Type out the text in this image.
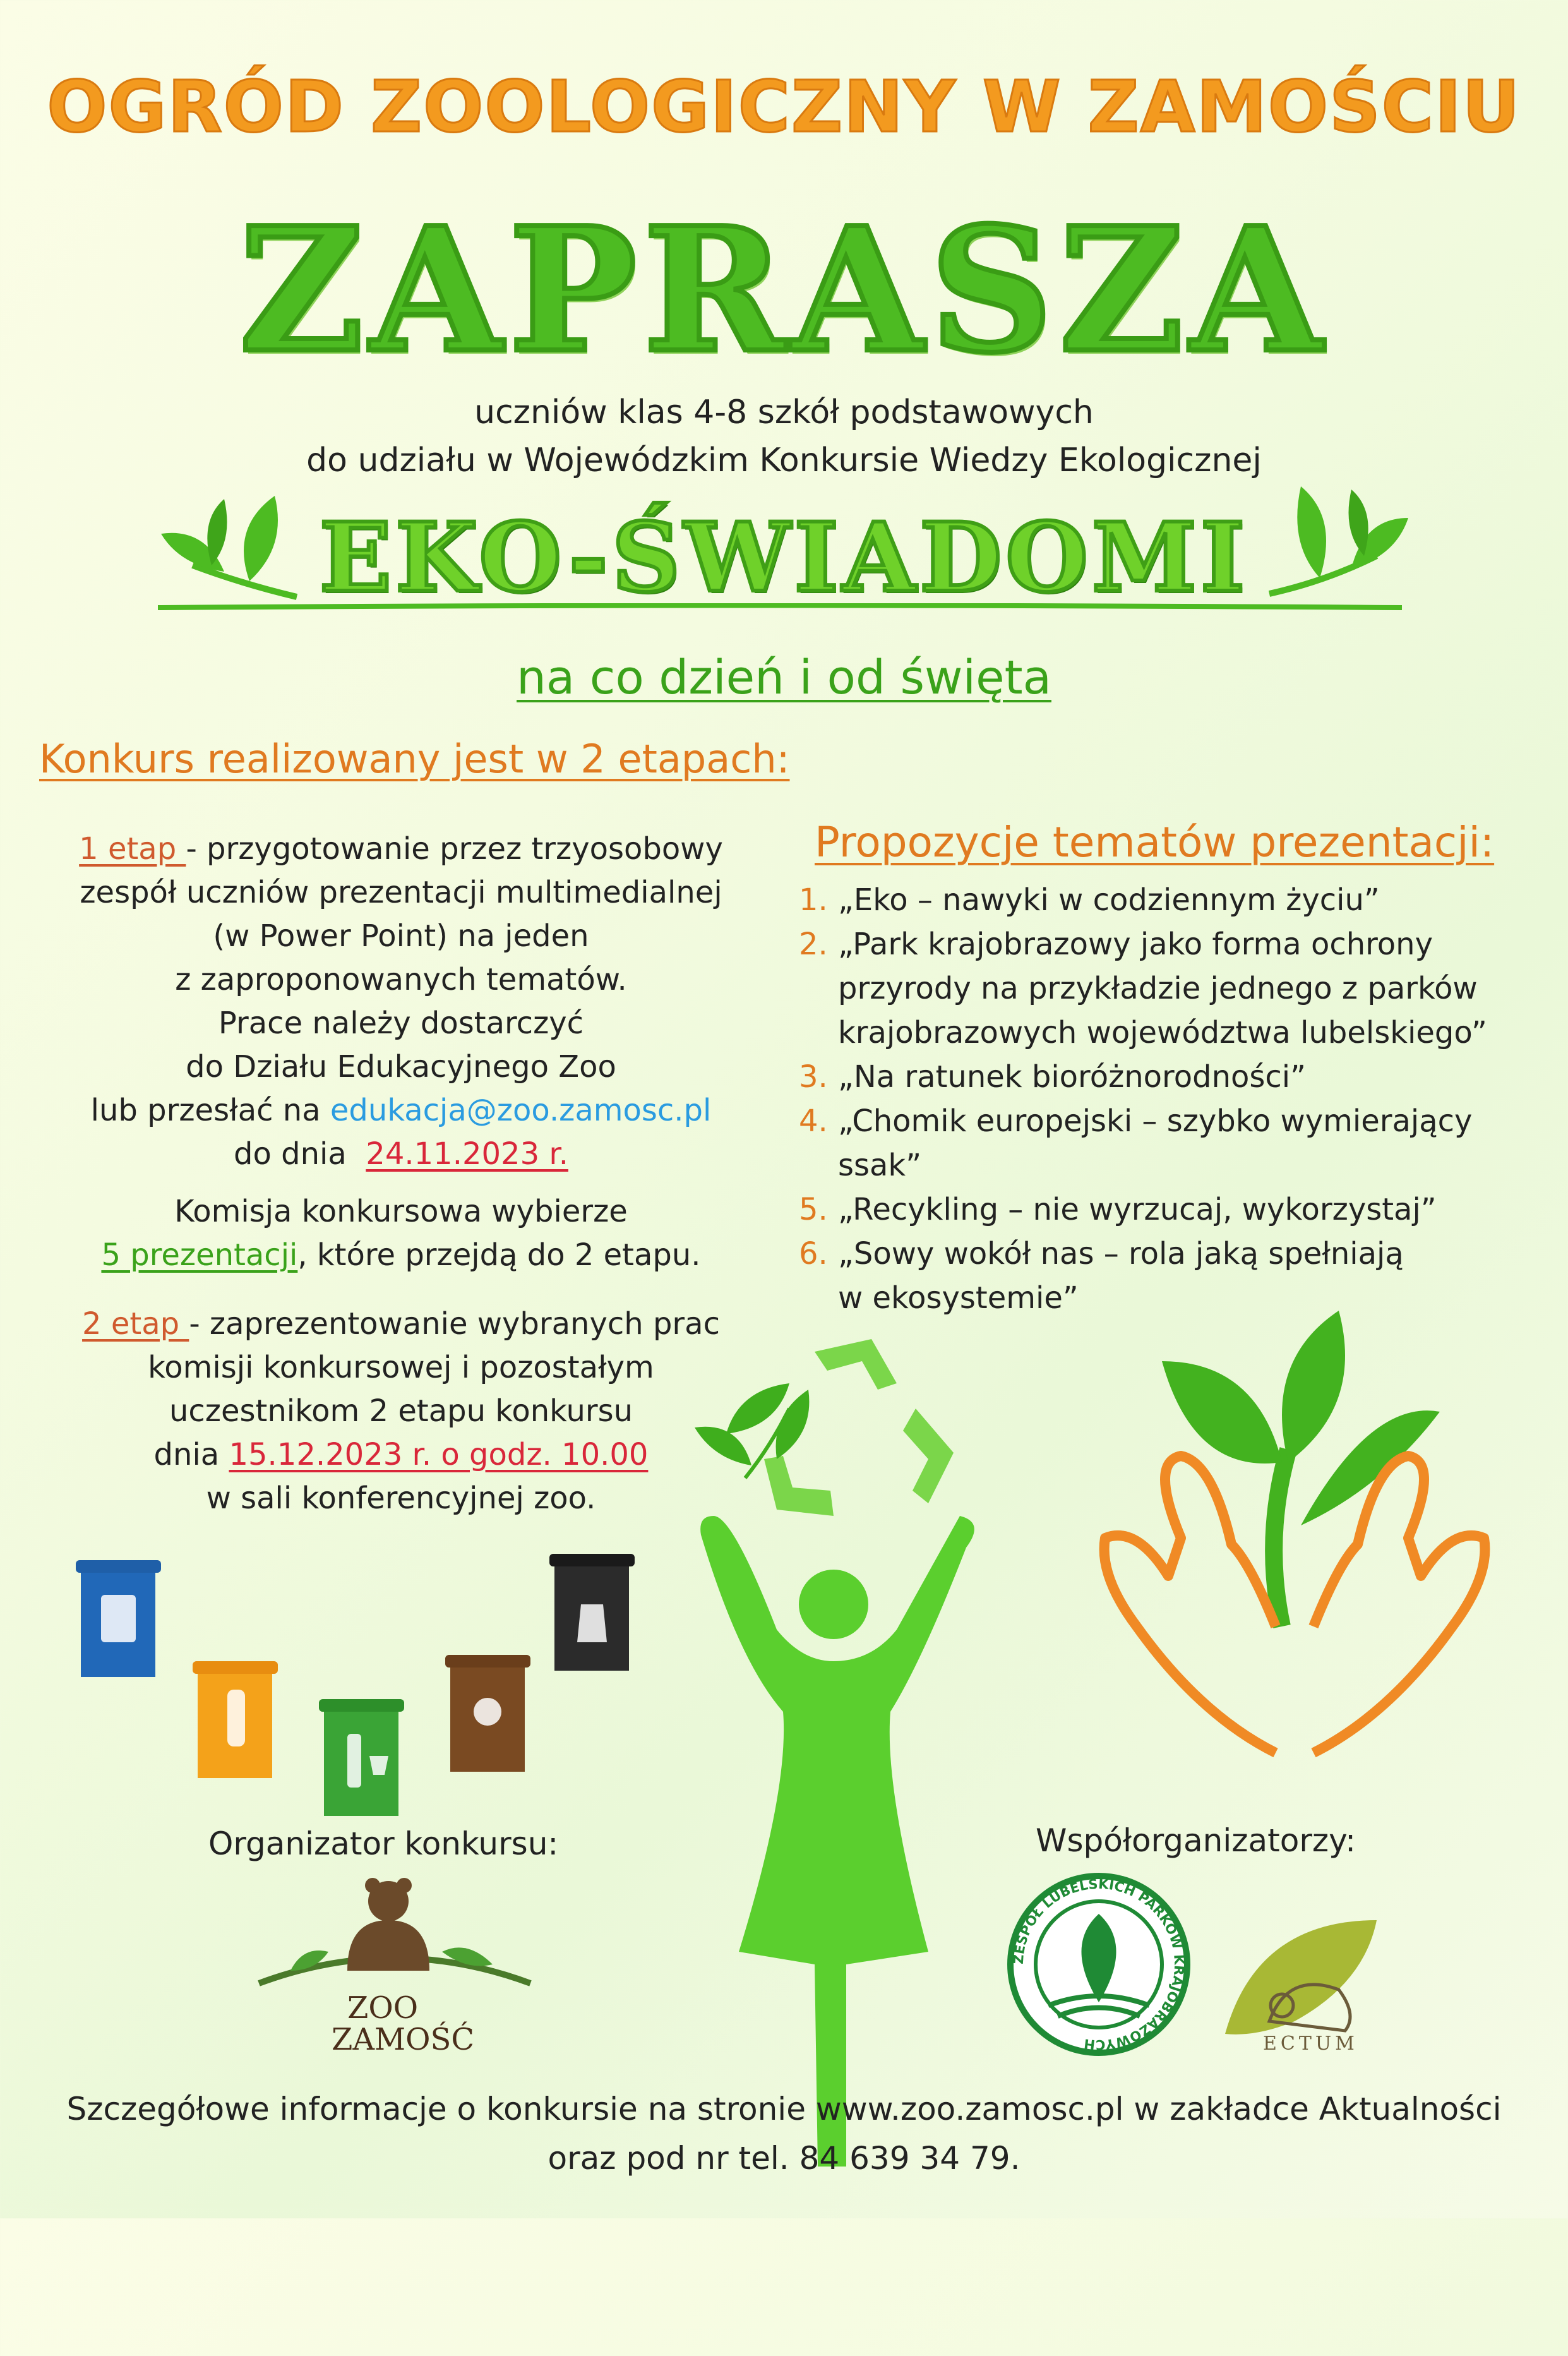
OGRÓD ZOOLOGICZNY W ZAMOŚCIU
ZAPRASZA
uczniów klas 4-8 szkół podstawowych
do udziału w Wojewódzkim Konkursie Wiedzy Ekologicznej
EKO-ŚWIADOMI
na co dzień i od święta
Konkurs realizowany jest w 2 etapach:
1 etap - przygotowanie przez trzyosobowy
zespół uczniów prezentacji multimedialnej
(w Power Point) na jeden
z zaproponowanych tematów.
Prace należy dostarczyć
do Działu Edukacyjnego Zoo
lub przesłać na edukacja@zoo.zamosc.pl
do dnia  24.11.2023 r.
Komisja konkursowa wybierze
5 prezentacji, które przejdą do 2 etapu.
2 etap - zaprezentowanie wybranych prac
komisji konkursowej i pozostałym
uczestnikom 2 etapu konkursu
dnia 15.12.2023 r. o godz. 10.00
w sali konferencyjnej zoo.
Propozycje tematów prezentacji:
1. „Eko – nawyki w codziennym życiu”
2. „Park krajobrazowy jako forma ochrony
przyrody na przykładzie jednego z parków
krajobrazowych województwa lubelskiego”
3. „Na ratunek bioróżnorodności”
4. „Chomik europejski – szybko wymierający
ssak”
5. „Recykling – nie wyrzucaj, wykorzystaj”
6. „Sowy wokół nas – rola jaką spełniają
w ekosystemie”
Organizator konkursu:	Współorganizatorzy:
ZOO
ZAMOŚĆ
ZESPÓŁ LUBELSKICH PARKÓW KRAJOBRAZOWYCH	ECTUM
Szczegółowe informacje o konkursie na stronie www.zoo.zamosc.pl w zakładce Aktualności
oraz pod nr tel. 84 639 34 79.
